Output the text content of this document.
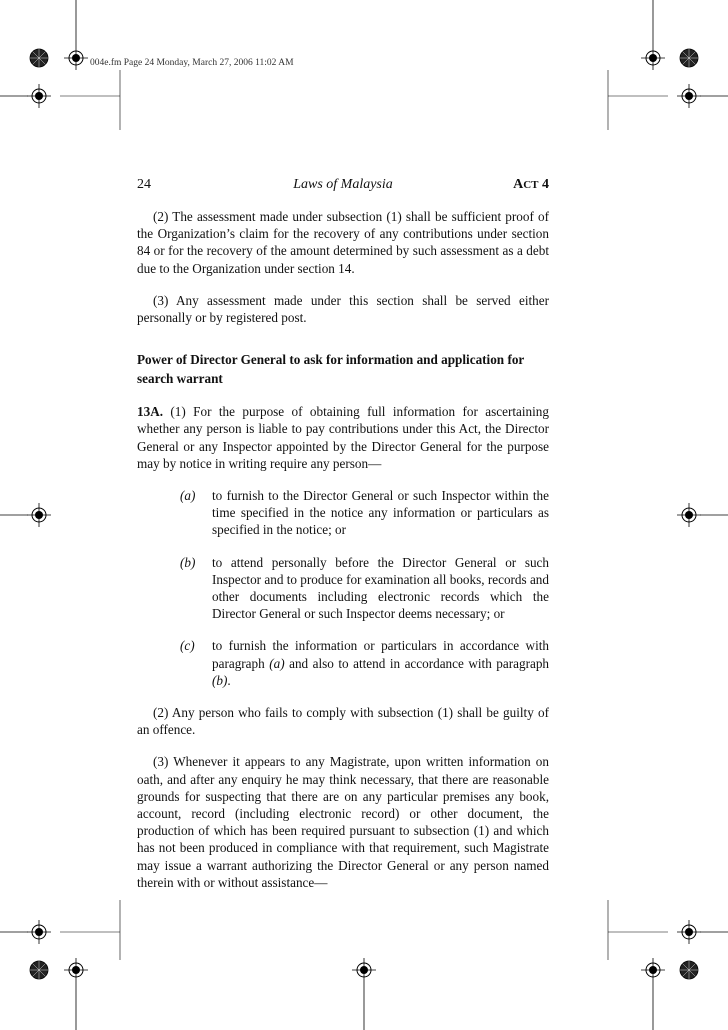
004e.fm Page 24 Monday, March 27, 2006 11:02 AM
24	Laws of Malaysia	ACT 4

(2) The assessment made under subsection (1) shall be sufficient proof of the Organization’s claim for the recovery of any contributions under section 84 or for the recovery of the amount determined by such assessment as a debt due to the Organization under section 14.

(3) Any assessment made under this section shall be served either personally or by registered post.

Power of Director General to ask for information and application for search warrant

13A. (1) For the purpose of obtaining full information for ascertaining whether any person is liable to pay contributions under this Act, the Director General or any Inspector appointed by the Director General for the purpose may by notice in writing require any person—

(a) to furnish to the Director General or such Inspector within the time specified in the notice any information or particulars as specified in the notice; or
(b) to attend personally before the Director General or such Inspector and to produce for examination all books, records and other documents including electronic records which the Director General or such Inspector deems necessary; or
(c) to furnish the information or particulars in accordance with paragraph (a) and also to attend in accordance with paragraph (b).

(2) Any person who fails to comply with subsection (1) shall be guilty of an offence.

(3) Whenever it appears to any Magistrate, upon written information on oath, and after any enquiry he may think necessary, that there are reasonable grounds for suspecting that there are on any particular premises any book, account, record (including electronic record) or other document, the production of which has been required pursuant to subsection (1) and which has not been produced in compliance with that requirement, such Magistrate may issue a warrant authorizing the Director General or any person named therein with or without assistance—
